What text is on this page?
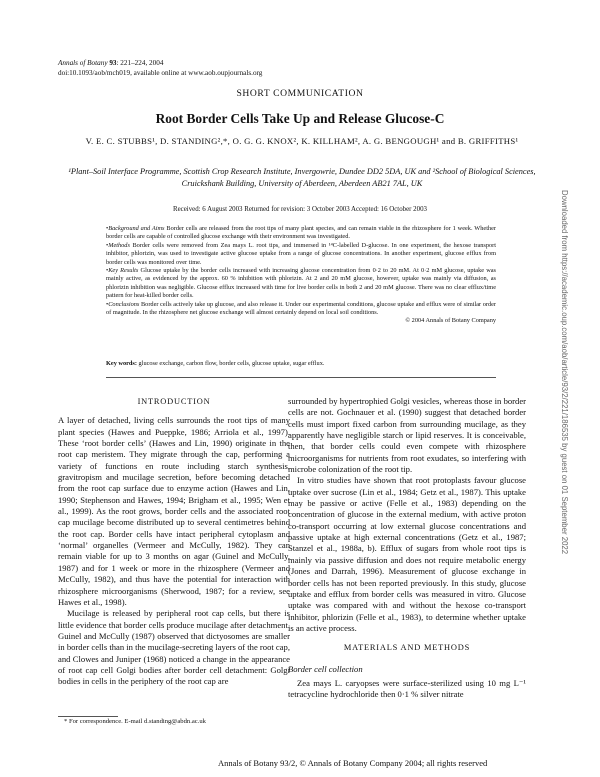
Annals of Botany 93: 221–224, 2004
doi:10.1093/aob/mch019, available online at www.aob.oupjournals.org
SHORT COMMUNICATION
Root Border Cells Take Up and Release Glucose-C
V. E. C. STUBBS¹, D. STANDING²,*, O. G. G. KNOX², K. KILLHAM², A. G. BENGOUGH¹ and B. GRIFFITHS¹
¹Plant–Soil Interface Programme, Scottish Crop Research Institute, Invergowrie, Dundee DD2 5DA, UK and ²School of Biological Sciences, Cruickshank Building, University of Aberdeen, Aberdeen AB21 7AL, UK
Received: 6 August 2003 Returned for revision: 3 October 2003 Accepted: 16 October 2003

•Background and Aims Border cells are released from the root tips of many plant species, and can remain viable in the rhizosphere for 1 week. Whether border cells are capable of controlled glucose exchange with their environment was investigated.

•Methods Border cells were removed from Zea mays L. root tips, and immersed in ¹⁴C-labelled D-glucose. In one experiment, the hexose transport inhibitor, phlorizin, was used to investigate active glucose uptake from a range of glucose concentrations. In another experiment, glucose efflux from border cells was monitored over time.

•Key Results Glucose uptake by the border cells increased with increasing glucose concentration from 0·2 to 20 mM. At 0·2 mM glucose, uptake was mainly active, as evidenced by the approx. 60 % inhibition with phlorizin. At 2 and 20 mM glucose, however, uptake was mainly via diffusion, as phlorizin inhibition was negligible. Glucose efflux increased with time for live border cells in both 2 and 20 mM glucose. There was no clear efflux/time pattern for heat-killed border cells.

•Conclusions Border cells actively take up glucose, and also release it. Under our experimental conditions, glucose uptake and efflux were of similar order of magnitude. In the rhizosphere net glucose exchange will almost certainly depend on local soil conditions.

© 2004 Annals of Botany Company

Key words: glucose exchange, carbon flow, border cells, glucose uptake, sugar efflux.
INTRODUCTION

A layer of detached, living cells surrounds the root tips of many plant species (Hawes and Pueppke, 1986; Arriola et al., 1997). These ‘root border cells’ (Hawes and Lin, 1990) originate in the root cap meristem. They migrate through the cap, performing a variety of functions en route including starch synthesis, gravitropism and mucilage secretion, before becoming detached from the root cap surface due to enzyme action (Hawes and Lin, 1990; Stephenson and Hawes, 1994; Brigham et al., 1995; Wen et al., 1999). As the root grows, border cells and the associated root cap mucilage become distributed up to several centimetres behind the root cap. Border cells have intact peripheral cytoplasm and ‘normal’ organelles (Vermeer and McCully, 1982). They can remain viable for up to 3 months on agar (Guinel and McCully, 1987) and for 1 week or more in the rhizosphere (Vermeer and McCully, 1982), and thus have the potential for interaction with rhizosphere microorganisms (Sherwood, 1987; for a review, see Hawes et al., 1998).

Mucilage is released by peripheral root cap cells, but there is little evidence that border cells produce mucilage after detachment. Guinel and McCully (1987) observed that dictyosomes are smaller in border cells than in the mucilage-secreting layers of the root cap, and Clowes and Juniper (1968) noticed a change in the appearance of root cap cell Golgi bodies after border cell detachment: Golgi bodies in cells in the periphery of the root cap are

surrounded by hypertrophied Golgi vesicles, whereas those in border cells are not. Gochnauer et al. (1990) suggest that detached border cells must import fixed carbon from surrounding mucilage, as they apparently have negligible starch or lipid reserves. It is conceivable, then, that border cells could even compete with rhizosphere microorganisms for nutrients from root exudates, so interfering with microbe colonization of the root tip.

In vitro studies have shown that root protoplasts favour glucose uptake over sucrose (Lin et al., 1984; Getz et al., 1987). This uptake may be passive or active (Felle et al., 1983) depending on the concentration of glucose in the external medium, with active proton co-transport occurring at low external glucose concentrations and passive uptake at high external concentrations (Getz et al., 1987; Stanzel et al., 1988a, b). Efflux of sugars from whole root tips is mainly via passive diffusion and does not require metabolic energy (Jones and Darrah, 1996). Measurement of glucose exchange in border cells has not been reported previously. In this study, glucose uptake and efflux from border cells was measured in vitro. Glucose uptake was compared with and without the hexose co-transport inhibitor, phlorizin (Felle et al., 1983), to determine whether uptake is an active process.

MATERIALS AND METHODS
Border cell collection

Zea mays L. caryopses were surface-sterilized using 10 mg L⁻¹ tetracycline hydrochloride then 0·1 % silver nitrate

* For correspondence. E-mail d.standing@abdn.ac.uk
Annals of Botany 93/2, © Annals of Botany Company 2004; all rights reserved
Downloaded from https://academic.oup.com/aob/article/93/2/221/186535 by guest on 01 September 2022
